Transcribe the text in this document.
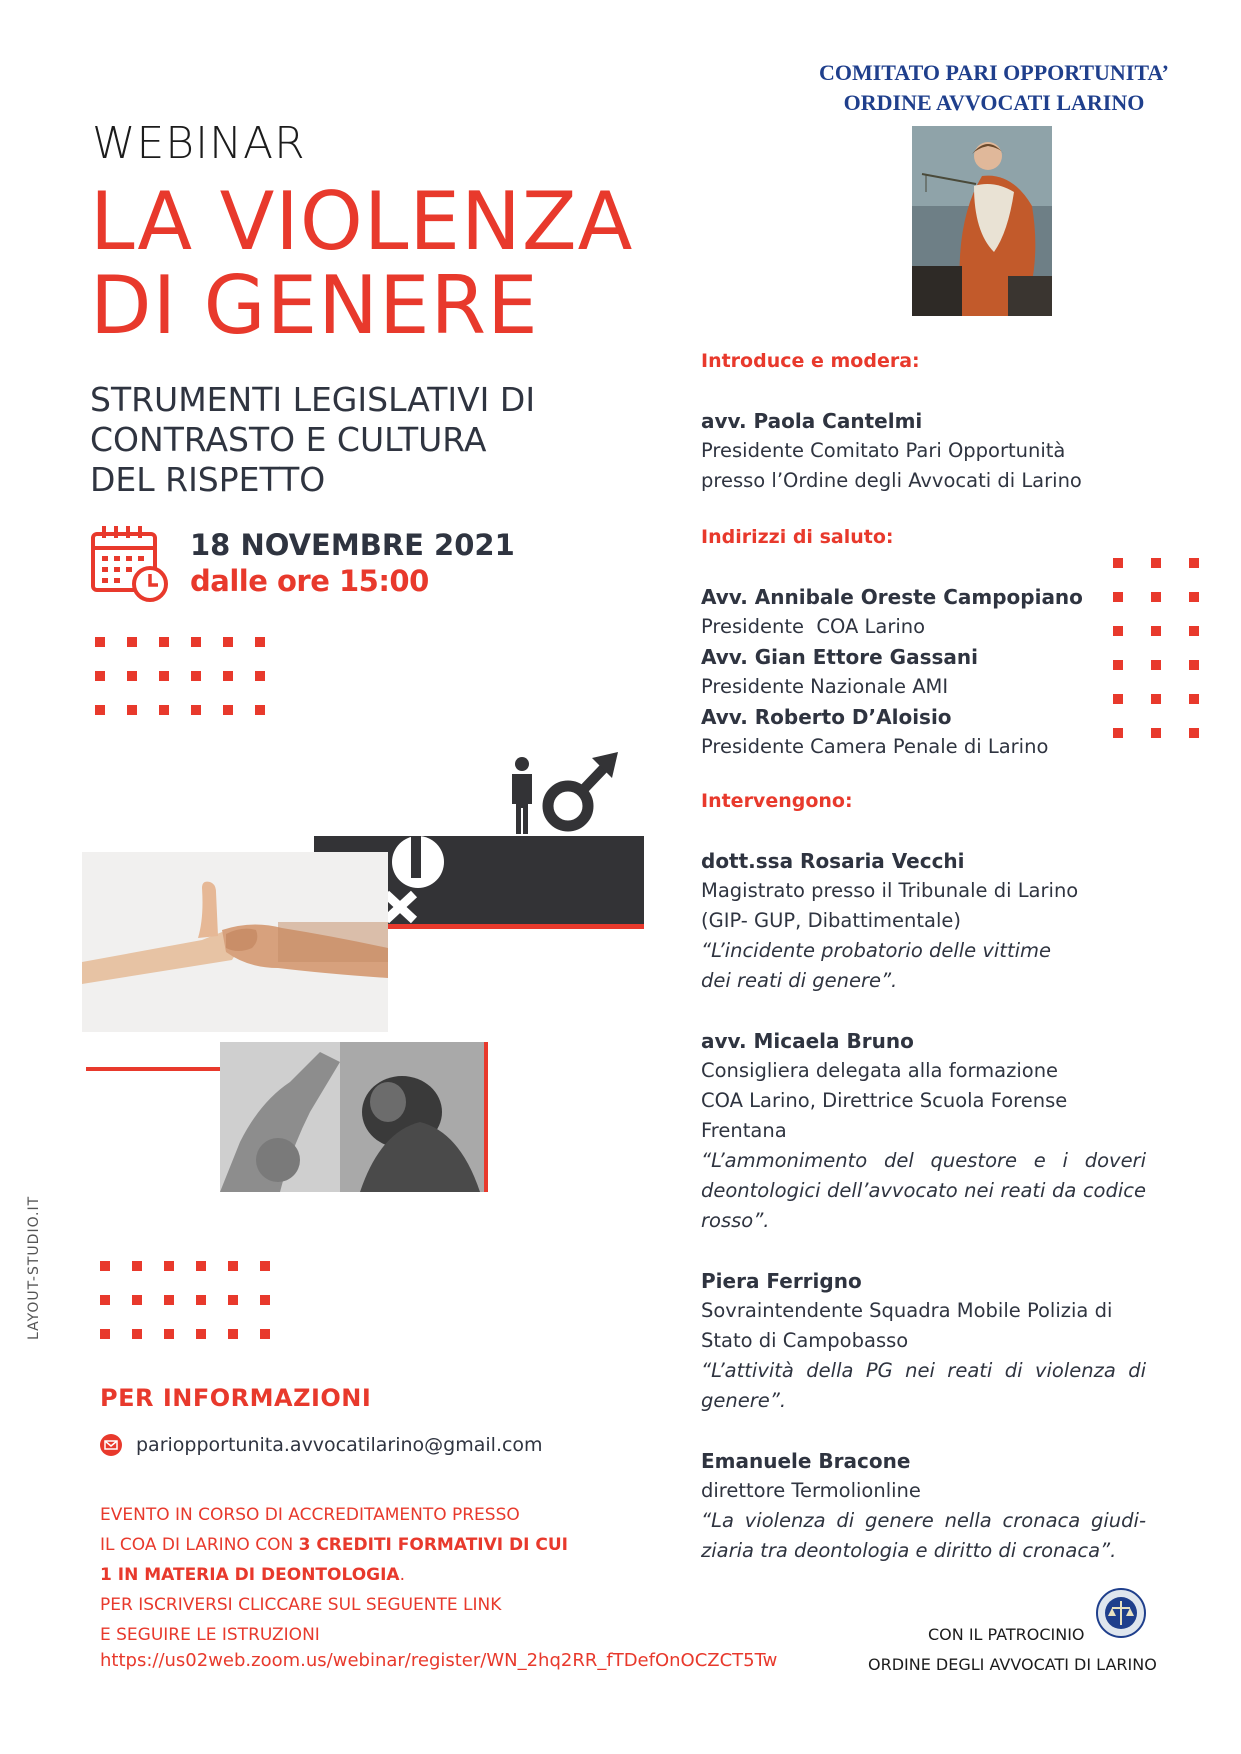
WEBINAR
LA VIOLENZA
DI GENERE
STRUMENTI LEGISLATIVI DI
CONTRASTO E CULTURA
DEL RISPETTO
18 NOVEMBRE 2021
dalle ore 15:00
LAYOUT-STUDIO.IT
PER INFORMAZIONI
pariopportunita.avvocatilarino@gmail.com
EVENTO IN CORSO DI ACCREDITAMENTO PRESSO
IL COA DI LARINO CON 3 CREDITI FORMATIVI DI CUI
1 IN MATERIA DI DEONTOLOGIA.
PER ISCRIVERSI CLICCARE SUL SEGUENTE LINK
E SEGUIRE LE ISTRUZIONI
https://us02web.zoom.us/webinar/register/WN_2hq2RR_fTDefOnOCZCT5Tw
COMITATO PARI OPPORTUNITA’
ORDINE AVVOCATI LARINO
Introduce e modera:
avv. Paola Cantelmi
Presidente Comitato Pari Opportunità
presso l’Ordine degli Avvocati di Larino
Indirizzi di saluto:
Avv. Annibale Oreste Campopiano
Presidente  COA Larino
Avv. Gian Ettore Gassani
Presidente Nazionale AMI
Avv. Roberto D’Aloisio
Presidente Camera Penale di Larino
Intervengono:
dott.ssa Rosaria Vecchi
Magistrato presso il Tribunale di Larino
(GIP- GUP, Dibattimentale)
“L’incidente probatorio delle vittime
dei reati di genere”.
avv. Micaela Bruno
Consigliera delegata alla formazione
COA Larino, Direttrice Scuola Forense
Frentana
“L’ammonimento del questore e i doveri deontologici dell’avvocato nei reati da codice rosso”.
Piera Ferrigno
Sovraintendente Squadra Mobile Polizia di Stato di Campobasso
“L’attività della PG nei reati di violenza di genere”.
Emanuele Bracone
direttore Termolionline
“La violenza di genere nella cronaca giudi-ziaria tra deontologia e diritto di cronaca”.
CON IL PATROCINIO
ORDINE DEGLI AVVOCATI DI LARINO
